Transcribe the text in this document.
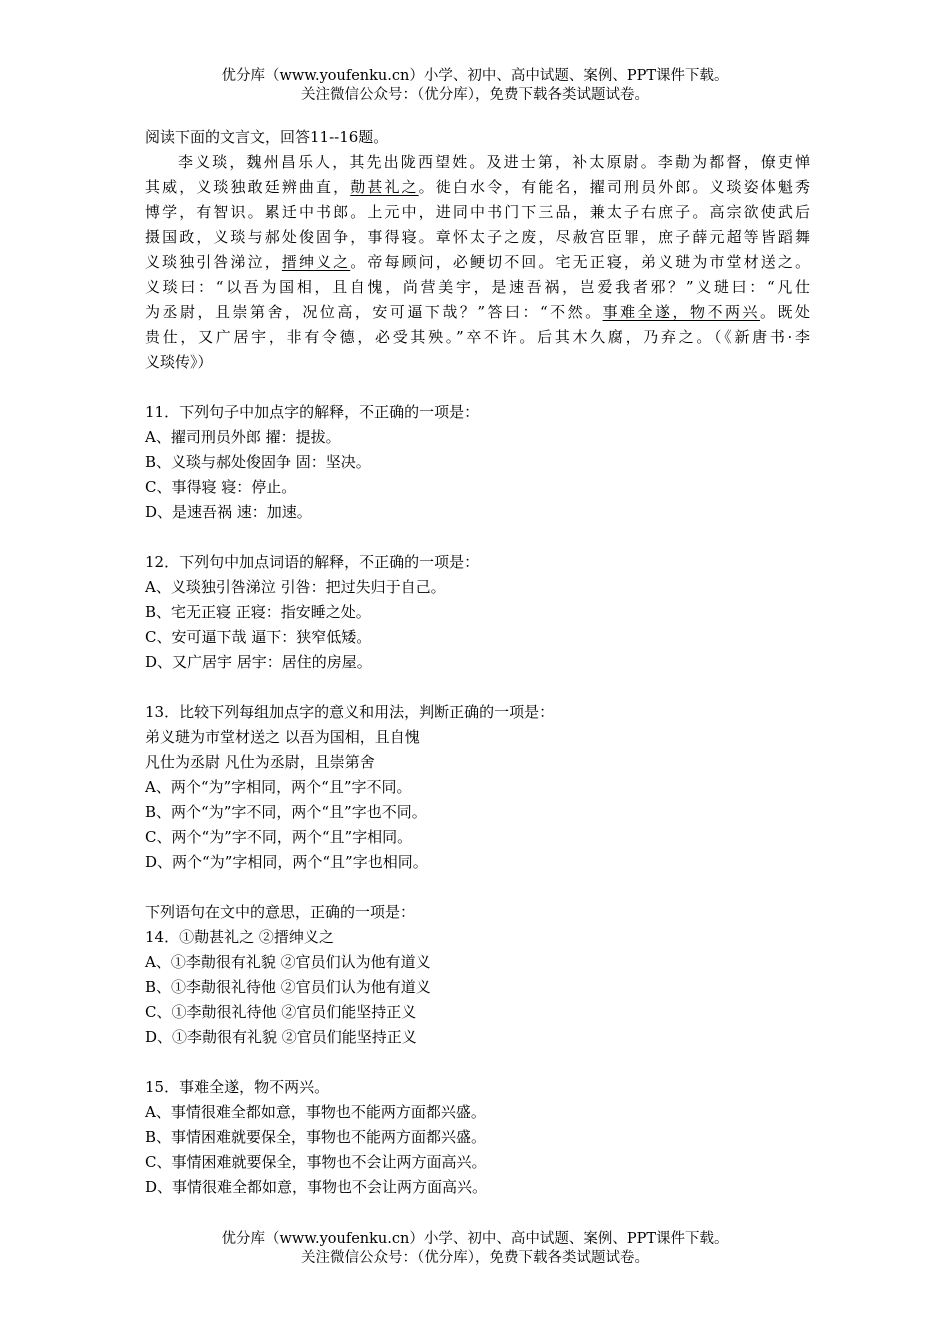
优分库（www.youfenku.cn）小学、初中、高中试题、案例、PPT课件下载。
关注微信公众号：（优分库），免费下载各类试题试卷。
阅读下面的文言文，回答11--16题。
李义琰，魏州昌乐人，其先出陇西望姓。及进士第，补太原尉。李勣为都督，僚吏惮
其威，义琰独敢廷辨曲直，勣甚礼之。徙白水令，有能名，擢司刑员外郎。义琰姿体魁秀
博学，有智识。累迁中书郎。上元中，进同中书门下三品，兼太子右庶子。高宗欲使武后
摄国政，义琰与郝处俊固争，事得寝。章怀太子之废，尽赦宫臣罪，庶子薛元超等皆蹈舞
义琰独引咎涕泣，搢绅义之。帝每顾问，必鲠切不回。宅无正寝，弟义琎为市堂材送之。
义琰曰：“以吾为国相，且自愧，尚营美宇，是速吾祸，岂爱我者邪？”义琎曰：“凡仕
为丞尉，且崇第舍，况位高，安可逼下哉？”答曰：“不然。事难全遂，物不两兴。既处
贵仕，又广居宇，非有令德，必受其殃。”卒不许。后其木久腐，乃弃之。（《新唐书·李
义琰传》）
11．下列句子中加点字的解释，不正确的一项是：
A、擢司刑员外郎 擢：提拔。
B、义琰与郝处俊固争 固：坚决。
C、事得寝 寝：停止。
D、是速吾祸 速：加速。
12．下列句中加点词语的解释，不正确的一项是：
A、义琰独引咎涕泣 引咎：把过失归于自己。
B、宅无正寝 正寝：指安睡之处。
C、安可逼下哉 逼下：狭窄低矮。
D、又广居宇 居宇：居住的房屋。
13．比较下列每组加点字的意义和用法，判断正确的一项是：
弟义琎为市堂材送之 以吾为国相，且自愧
凡仕为丞尉 凡仕为丞尉，且崇第舍
A、两个“为”字相同，两个“且”字不同。
B、两个“为”字不同，两个“且”字也不同。
C、两个“为”字不同，两个“且”字相同。
D、两个“为”字相同，两个“且”字也相同。
下列语句在文中的意思，正确的一项是：
14．①勣甚礼之 ②搢绅义之
A、①李勣很有礼貌 ②官员们认为他有道义
B、①李勣很礼待他 ②官员们认为他有道义
C、①李勣很礼待他 ②官员们能坚持正义
D、①李勣很有礼貌 ②官员们能坚持正义
15．事难全遂，物不两兴。
A、事情很难全都如意，事物也不能两方面都兴盛。
B、事情困难就要保全，事物也不能两方面都兴盛。
C、事情困难就要保全，事物也不会让两方面高兴。
D、事情很难全都如意，事物也不会让两方面高兴。
优分库（www.youfenku.cn）小学、初中、高中试题、案例、PPT课件下载。
关注微信公众号：（优分库），免费下载各类试题试卷。
